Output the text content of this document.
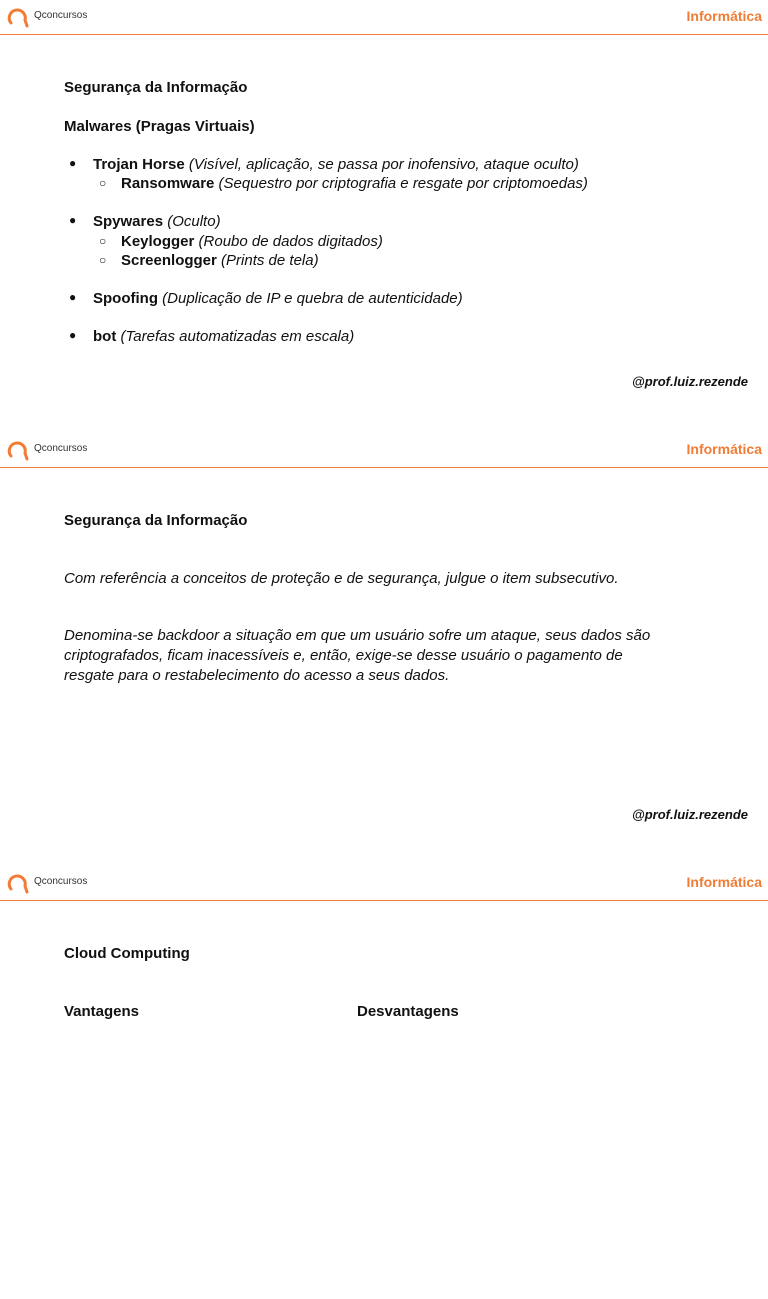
Qconcursos	Informática
Segurança da Informação
Malwares (Pragas Virtuais)
● Trojan Horse (Visível, aplicação, se passa por inofensivo, ataque oculto)
○ Ransomware (Sequestro por criptografia e resgate por criptomoedas)
● Spywares (Oculto)
○ Keylogger (Roubo de dados digitados)
○ Screenlogger (Prints de tela)
● Spoofing (Duplicação de IP e quebra de autenticidade)
● bot (Tarefas automatizadas em escala)
@prof.luiz.rezende
Qconcursos	Informática
Segurança da Informação
Com referência a conceitos de proteção e de segurança, julgue o item subsecutivo.
Denomina-se backdoor a situação em que um usuário sofre um ataque, seus dados são criptografados, ficam inacessíveis e, então, exige-se desse usuário o pagamento de resgate para o restabelecimento do acesso a seus dados.
@prof.luiz.rezende
Qconcursos	Informática
Cloud Computing
Vantagens	Desvantagens
